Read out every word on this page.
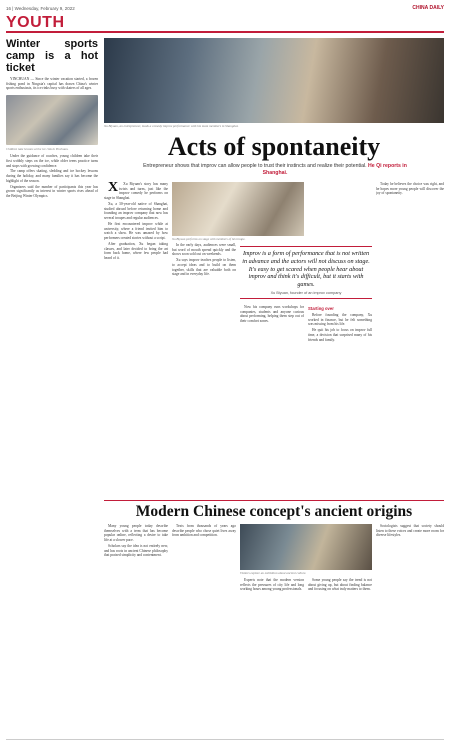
16 | Wednesday, February 9, 2022	CHINA DAILY
YOUTH
Winter sports camp is a hot ticket

YINCHUAN — Since the winter vacation started, a frozen fishing pond in Ningxia's capital has drawn China's winter sports enthusiasts, its ice rinks busy with skaters of all ages.

Children take lessons at the ice rink in Yinchuan.

Under the guidance of coaches, young children take their first wobbly steps on the ice, while older teens practice turns and stops with growing confidence.

The camp offers skating, sledding and ice hockey lessons during the holiday, and many families say it has become the highlight of the season.

Organizers said the number of participants this year has grown significantly as interest in winter sports rises ahead of the Beijing Winter Olympics.

Xu Biyuan, an entrepreneur, leads a comedy improv performance with his team members in Shanghai.
Acts of spontaneity
Entrepreneur shows that improv can allow people to trust their instincts and realize their potential. He Qi reports in Shanghai.

X Xu Biyuan's story has many twists and turns, just like the improv comedy he performs on stage in Shanghai.

Xu, a 30-year-old native of Shanghai, studied abroad before returning home and founding an improv company that now has several troupes and regular audiences.

He first encountered improv while at university, where a friend invited him to watch a show. He was amazed by how performers created stories without a script.

After graduation, Xu began taking classes, and later decided to bring the art form back home, where few people had heard of it.

In the early days, audiences were small, but word of mouth spread quickly and the shows soon sold out on weekends.

Xu says improv teaches people to listen, to accept ideas and to build on them together, skills that are valuable both on stage and in everyday life.

Now his company runs workshops for companies, students and anyone curious about performing, helping them step out of their comfort zones.

Starting over

Before founding the company, Xu worked in finance, but he felt something was missing from his life.

He quit his job to focus on improv full time, a decision that surprised many of his friends and family.

Today he believes the choice was right, and he hopes more young people will discover the joy of spontaneity.

Xu Biyuan performs on stage with members of his troupe.
Improv is a form of performance that is not written in advance and the actors will not discuss on stage. It's easy to get scared when people hear about improv and think it's difficult, but it starts with games.
Xu Biyuan, founder of an improv company
Modern Chinese concept's ancient origins

Many young people today describe themselves with a term that has become popular online, reflecting a desire to take life at a slower pace.

Scholars say the idea is not entirely new, and has roots in ancient Chinese philosophy that praised simplicity and contentment.

Texts from thousands of years ago describe people who chose quiet lives away from ambition and competition.

Visitors explore an exhibition about ancient culture.

Experts note that the modern version reflects the pressures of city life and long working hours among young professionals.

Some young people say the trend is not about giving up, but about finding balance and focusing on what truly matters to them.

Sociologists suggest that society should listen to these voices and create more room for diverse lifestyles.
